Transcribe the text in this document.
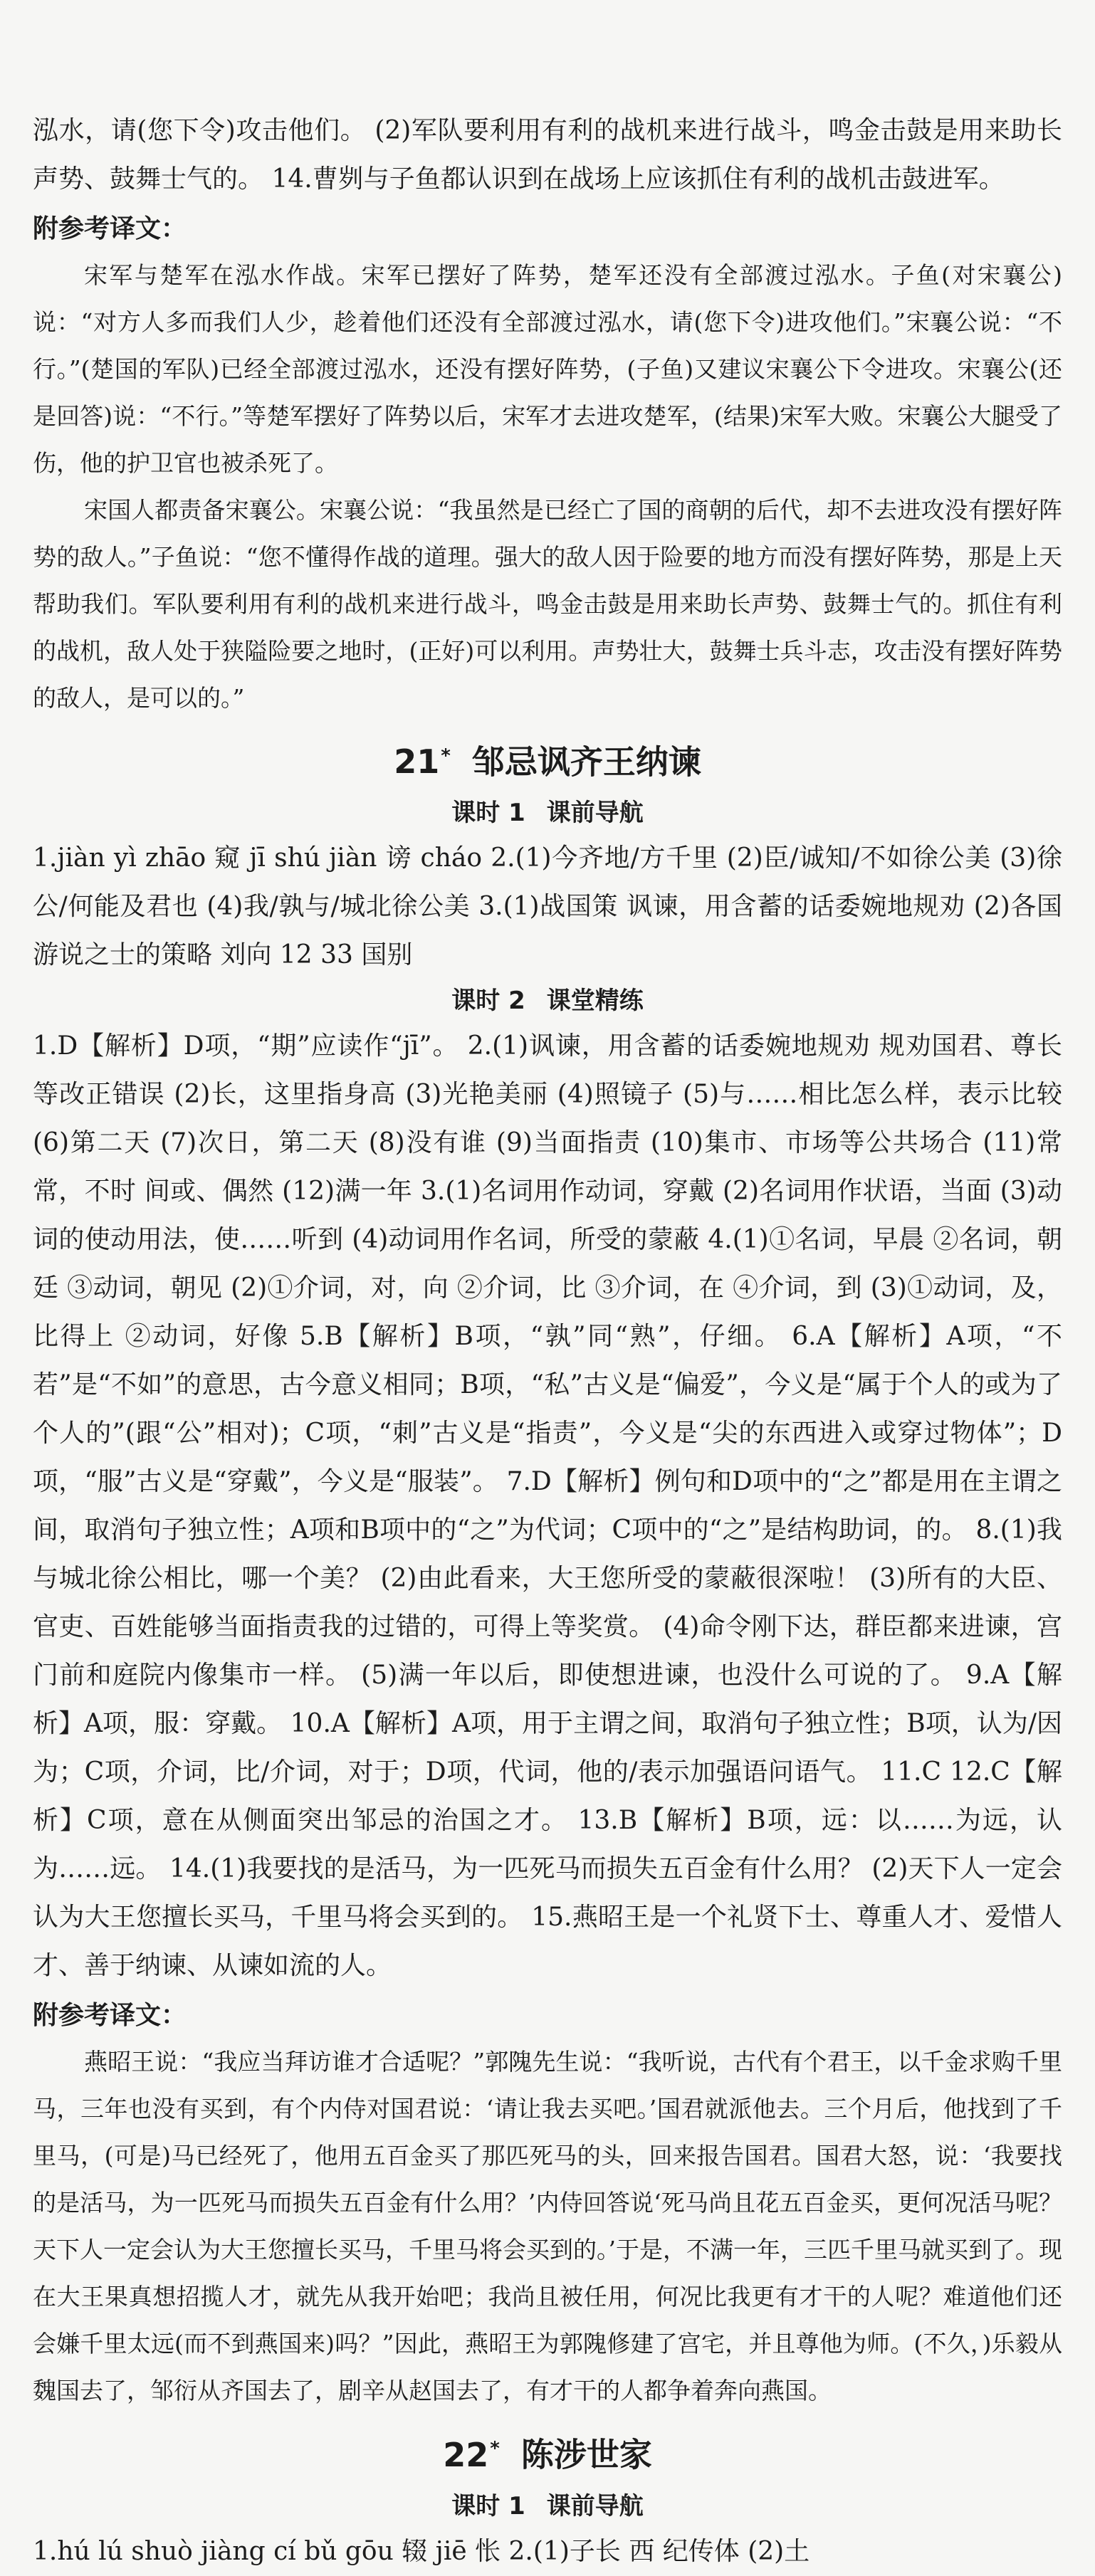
泓水，请(您下令)攻击他们。 (2)军队要利用有利的战机来进行战斗，鸣金击鼓是用来助长声势、鼓舞士气的。 14.曹刿与子鱼都认识到在战场上应该抓住有利的战机击鼓进军。

附参考译文：

宋军与楚军在泓水作战。宋军已摆好了阵势，楚军还没有全部渡过泓水。子鱼(对宋襄公)说：“对方人多而我们人少，趁着他们还没有全部渡过泓水，请(您下令)进攻他们。”宋襄公说：“不行。”(楚国的军队)已经全部渡过泓水，还没有摆好阵势，(子鱼)又建议宋襄公下令进攻。宋襄公(还是回答)说：“不行。”等楚军摆好了阵势以后，宋军才去进攻楚军，(结果)宋军大败。宋襄公大腿受了伤，他的护卫官也被杀死了。

宋国人都责备宋襄公。宋襄公说：“我虽然是已经亡了国的商朝的后代，却不去进攻没有摆好阵势的敌人。”子鱼说：“您不懂得作战的道理。强大的敌人因于险要的地方而没有摆好阵势，那是上天帮助我们。军队要利用有利的战机来进行战斗，鸣金击鼓是用来助长声势、鼓舞士气的。抓住有利的战机，敌人处于狭隘险要之地时，(正好)可以利用。声势壮大，鼓舞士兵斗志，攻击没有摆好阵势的敌人，是可以的。”

21* 邹忌讽齐王纳谏
课时 1 课前导航

1.jiàn yì zhāo 窥 jī shú jiàn 谤 cháo 2.(1)今齐地/方千里 (2)臣/诚知/不如徐公美 (3)徐公/何能及君也 (4)我/孰与/城北徐公美 3.(1)战国策 讽谏，用含蓄的话委婉地规劝 (2)各国游说之士的策略 刘向 12 33 国别

课时 2 课堂精练

1.D【解析】D项，“期”应读作“jī”。 2.(1)讽谏，用含蓄的话委婉地规劝 规劝国君、尊长等改正错误 (2)长，这里指身高 (3)光艳美丽 (4)照镜子 (5)与……相比怎么样，表示比较 (6)第二天 (7)次日，第二天 (8)没有谁 (9)当面指责 (10)集市、市场等公共场合 (11)常常，不时 间或、偶然 (12)满一年 3.(1)名词用作动词，穿戴 (2)名词用作状语，当面 (3)动词的使动用法，使……听到 (4)动词用作名词，所受的蒙蔽 4.(1)①名词，早晨 ②名词，朝廷 ③动词，朝见 (2)①介词，对，向 ②介词，比 ③介词，在 ④介词，到 (3)①动词，及，比得上 ②动词，好像 5.B【解析】B项，“孰”同“熟”，仔细。 6.A【解析】A项，“不若”是“不如”的意思，古今意义相同；B项，“私”古义是“偏爱”，今义是“属于个人的或为了个人的”(跟“公”相对)；C项，“刺”古义是“指责”，今义是“尖的东西进入或穿过物体”；D项，“服”古义是“穿戴”，今义是“服装”。 7.D【解析】例句和D项中的“之”都是用在主谓之间，取消句子独立性；A项和B项中的“之”为代词；C项中的“之”是结构助词，的。 8.(1)我与城北徐公相比，哪一个美？ (2)由此看来，大王您所受的蒙蔽很深啦！ (3)所有的大臣、官吏、百姓能够当面指责我的过错的，可得上等奖赏。 (4)命令刚下达，群臣都来进谏，宫门前和庭院内像集市一样。 (5)满一年以后，即使想进谏，也没什么可说的了。 9.A【解析】A项，服：穿戴。 10.A【解析】A项，用于主谓之间，取消句子独立性；B项，认为/因为；C项，介词，比/介词，对于；D项，代词，他的/表示加强语问语气。 11.C 12.C【解析】C项，意在从侧面突出邹忌的治国之才。 13.B【解析】B项，远：以……为远，认为……远。 14.(1)我要找的是活马，为一匹死马而损失五百金有什么用？ (2)天下人一定会认为大王您擅长买马，千里马将会买到的。 15.燕昭王是一个礼贤下士、尊重人才、爱惜人才、善于纳谏、从谏如流的人。

附参考译文：

燕昭王说：“我应当拜访谁才合适呢？”郭隗先生说：“我听说，古代有个君王，以千金求购千里马，三年也没有买到，有个内侍对国君说：‘请让我去买吧。’国君就派他去。三个月后，他找到了千里马，(可是)马已经死了，他用五百金买了那匹死马的头，回来报告国君。国君大怒，说：‘我要找的是活马，为一匹死马而损失五百金有什么用？’内侍回答说‘死马尚且花五百金买，更何况活马呢？天下人一定会认为大王您擅长买马，千里马将会买到的。’于是，不满一年，三匹千里马就买到了。现在大王果真想招揽人才，就先从我开始吧；我尚且被任用，何况比我更有才干的人呢？难道他们还会嫌千里太远(而不到燕国来)吗？”因此，燕昭王为郭隗修建了宫宅，并且尊他为师。(不久，)乐毅从魏国去了，邹衍从齐国去了，剧辛从赵国去了，有才干的人都争着奔向燕国。

22* 陈涉世家
课时 1 课前导航

1.hú lú shuò jiàng cí bǔ gōu 辍 jiē 怅 2.(1)子长 西 纪传体 (2)土
